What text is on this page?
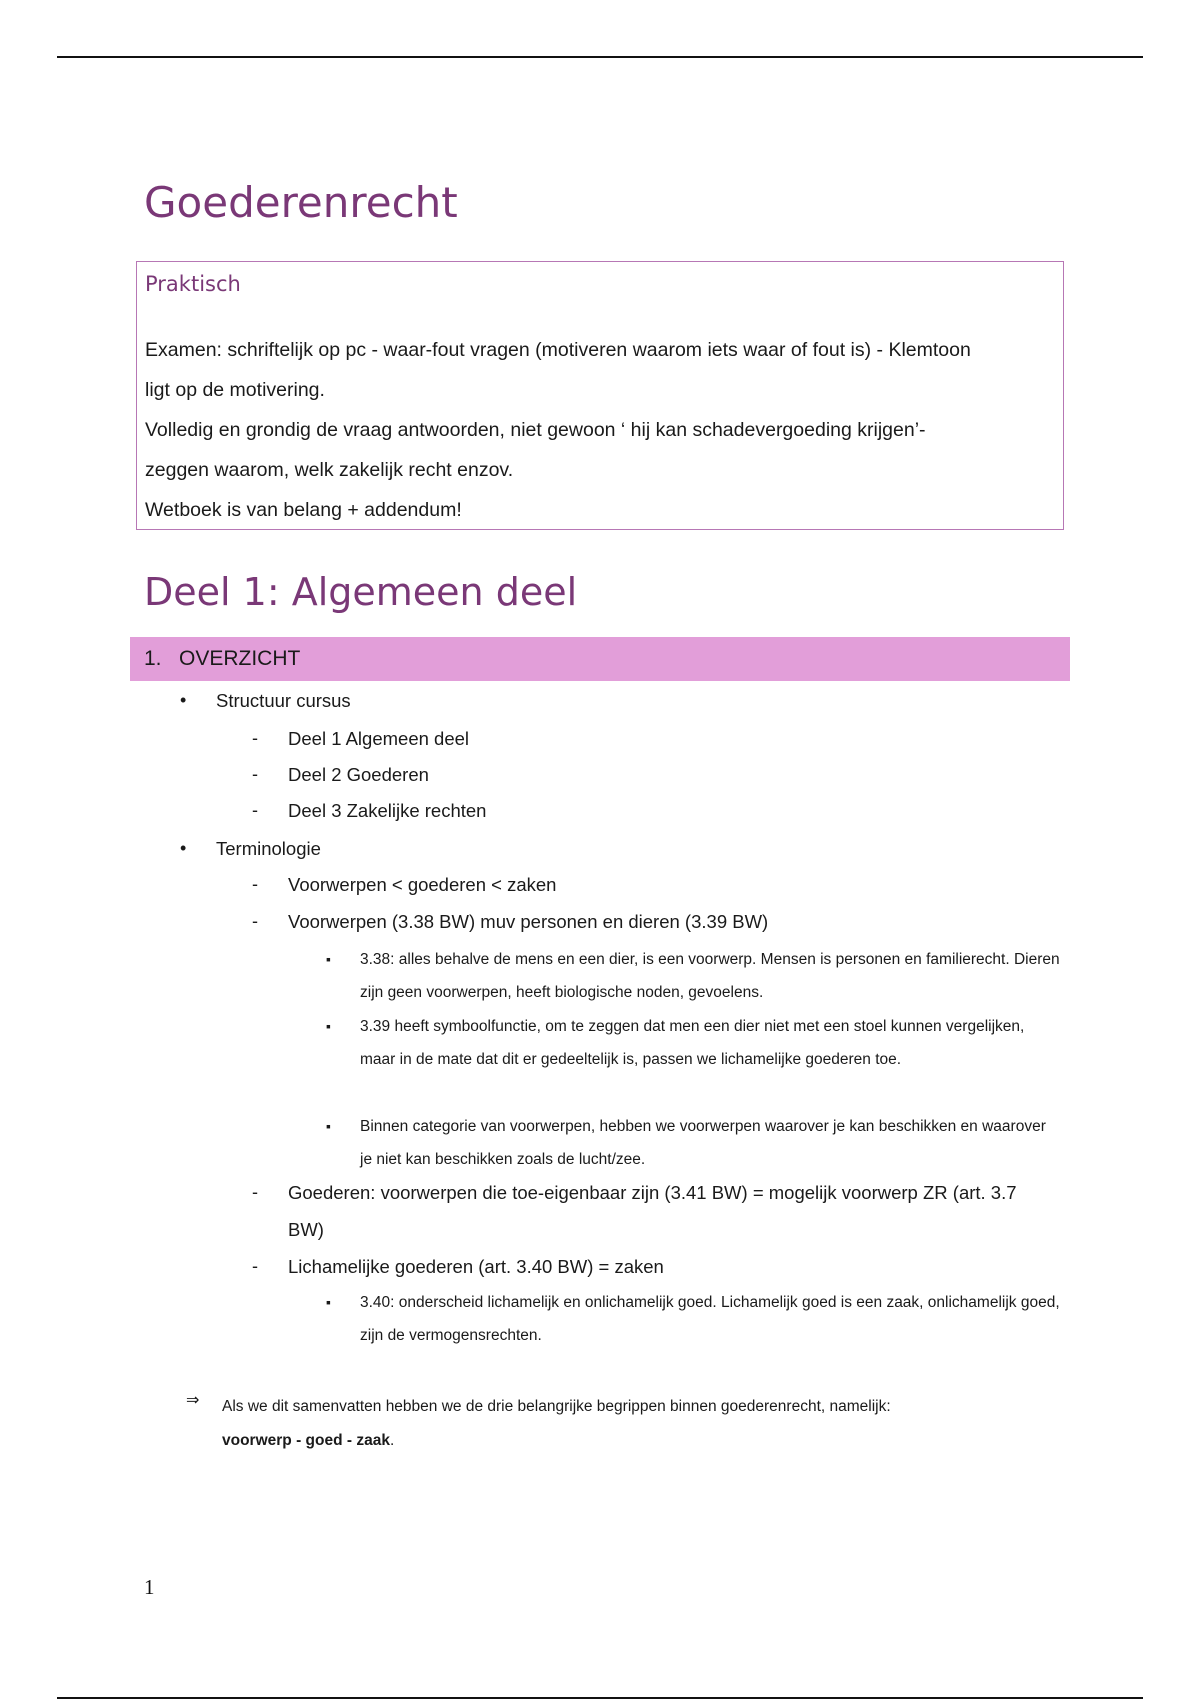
Goederenrecht
Praktisch
Examen: schriftelijk op pc - waar-fout vragen (motiveren waarom iets waar of fout is) - Klemtoon
ligt op de motivering.
Volledig en grondig de vraag antwoorden, niet gewoon ‘ hij kan schadevergoeding krijgen’-
zeggen waarom, welk zakelijk recht enzov.
Wetboek is van belang + addendum!
Deel 1: Algemeen deel
1. OVERZICHT
• Structuur cursus
- Deel 1 Algemeen deel
- Deel 2 Goederen
- Deel 3 Zakelijke rechten
• Terminologie
- Voorwerpen < goederen < zaken
- Voorwerpen (3.38 BW) muv personen en dieren (3.39 BW)
▪ 3.38: alles behalve de mens en een dier, is een voorwerp. Mensen is personen en familierecht. Dieren zijn geen voorwerpen, heeft biologische noden, gevoelens.
▪ 3.39 heeft symboolfunctie, om te zeggen dat men een dier niet met een stoel kunnen vergelijken, maar in de mate dat dit er gedeeltelijk is, passen we lichamelijke goederen toe.
▪ Binnen categorie van voorwerpen, hebben we voorwerpen waarover je kan beschikken en waarover je niet kan beschikken zoals de lucht/zee.
- Goederen: voorwerpen die toe-eigenbaar zijn (3.41 BW) = mogelijk voorwerp ZR (art. 3.7
BW)
- Lichamelijke goederen (art. 3.40 BW) = zaken
▪ 3.40: onderscheid lichamelijk en onlichamelijk goed. Lichamelijk goed is een zaak, onlichamelijk goed, zijn de vermogensrechten.
⇒ Als we dit samenvatten hebben we de drie belangrijke begrippen binnen goederenrecht, namelijk:
voorwerp - goed - zaak.
1
